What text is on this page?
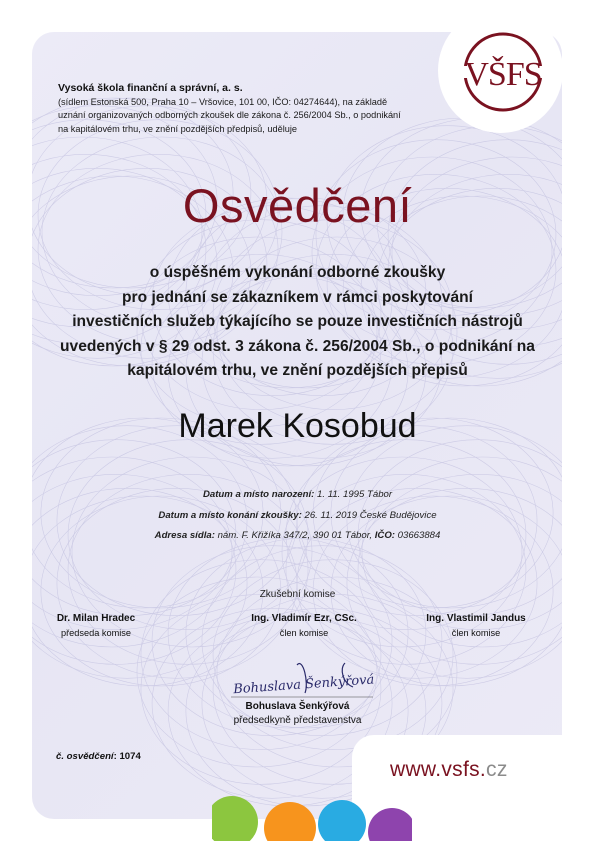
VŠFS
Vysoká škola finanční a správní, a. s.
(sídlem Estonská 500, Praha 10 – Vršovice, 101 00, IČO: 04274644), na základě
uznání organizovaných odborných zkoušek dle zákona č. 256/2004 Sb., o podnikání
na kapitálovém trhu, ve znění pozdějších předpisů, uděluje
Osvědčení
o úspěšném vykonání odborné zkoušky
pro jednání se zákazníkem v rámci poskytování
investičních služeb týkajícího se pouze investičních nástrojů
uvedených v § 29 odst. 3 zákona č. 256/2004 Sb., o podnikání na
kapitálovém trhu, ve znění pozdějších přepisů
Marek Kosobud
Datum a místo narození: 1. 11. 1995 Tábor
Datum a místo konání zkoušky: 26. 11. 2019 České Budějovice
Adresa sídla: nám. F. Křižíka 347/2, 390 01 Tábor, IČO: 03663884
Zkušební komise
Dr. Milan Hradec
předseda komise
Ing. Vladimír Ezr, CSc.
člen komise
Ing. Vlastimil Jandus
člen komise
Bohuslava Šenkýřová
Bohuslava Šenkýřová
předsedkyně představenstva
č. osvědčení: 1074
www.vsfs.cz
